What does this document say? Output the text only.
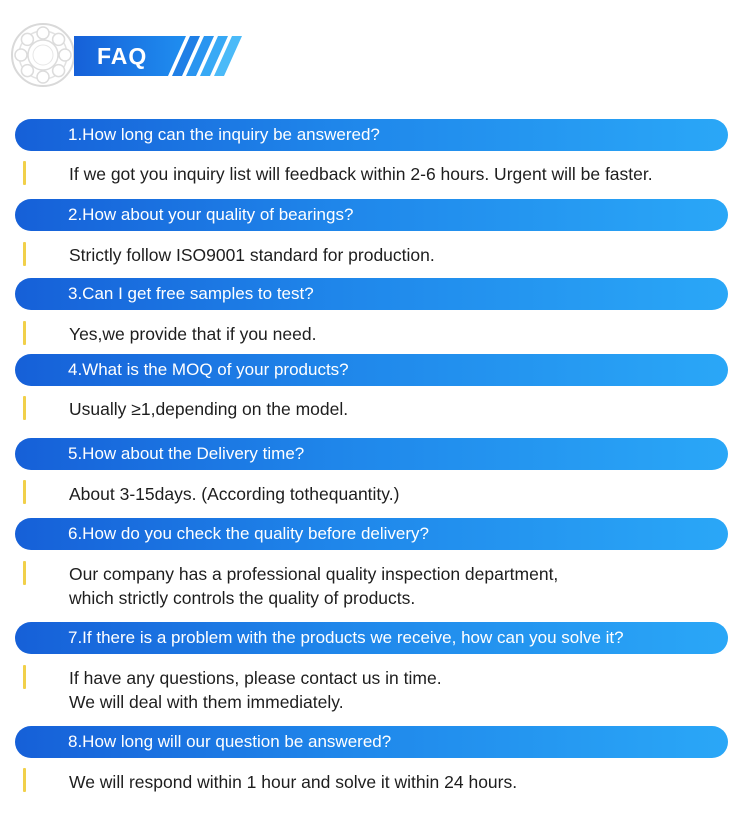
FAQ
1.How long can the inquiry be answered?
If we got you inquiry list will feedback within 2-6 hours. Urgent will be faster.
2.How about your quality of bearings?
Strictly follow ISO9001 standard for production.
3.Can I get free samples to test?
Yes,we provide that if you need.
4.What is the MOQ of your products?
Usually ≥1,depending on the model.
5.How about the Delivery time?
About 3-15days. (According tothequantity.)
6.How do you check the quality before delivery?
Our company has a professional quality inspection department,
which strictly controls the quality of products.
7.If there is a problem with the products we receive, how can you solve it?
If have any questions, please contact us in time.
We will deal with them immediately.
8.How long will our question be answered?
We will respond within 1 hour and solve it within 24 hours.
